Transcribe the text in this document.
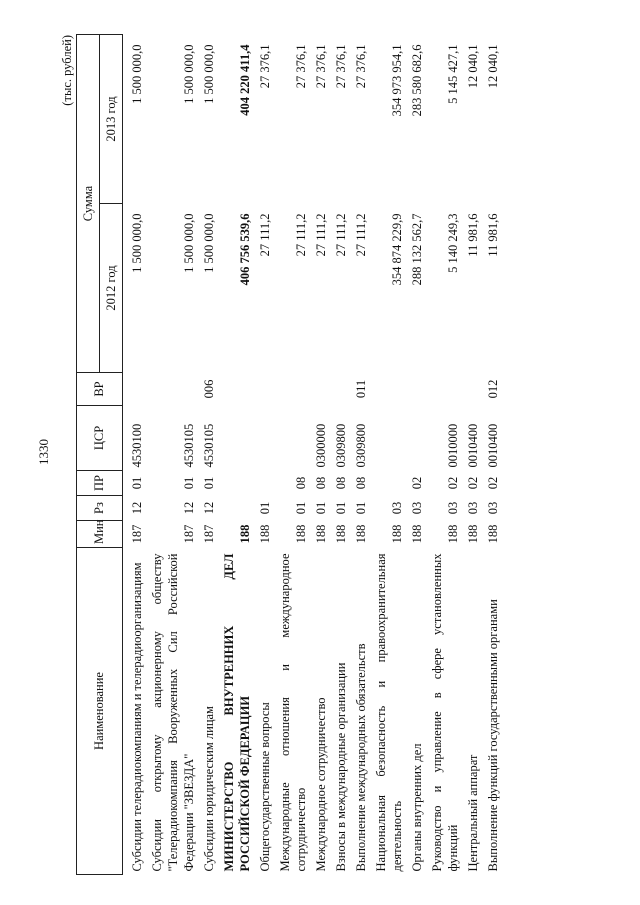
1330
(тыс. рублей)
Наименование	Мин	Рз	ПР	ЦСР	ВР	Сумма	
						2012 год	2013 год
Субсидии телерадиокомпаниям и телерадиоорганизациям	187	12	01	4530100		1 500 000,0	1 500 000,0
Субсидии открытому акционерному обществу "Телерадиокомпания Вооруженных Сил Российской Федерации "ЗВЕЗДА"	187	12	01	4530105		1 500 000,0	1 500 000,0
Субсидии юридическим лицам	187	12	01	4530105	006	1 500 000,0	1 500 000,0
МИНИСТЕРСТВО ВНУТРЕННИХ ДЕЛ РОССИЙСКОЙ ФЕДЕРАЦИИ	188					406 756 539,6	404 220 411,4
Общегосударственные вопросы	188	01				27 111,2	27 376,1
Международные отношения и международное сотрудничество	188	01	08			27 111,2	27 376,1
Международное сотрудничество	188	01	08	0300000		27 111,2	27 376,1
Взносы в международные организации	188	01	08	0309800		27 111,2	27 376,1
Выполнение международных обязательств	188	01	08	0309800	011	27 111,2	27 376,1
Национальная безопасность и правоохранительная деятельность	188	03				354 874 229,9	354 973 954,1
Органы внутренних дел	188	03	02			288 132 562,7	283 580 682,6
Руководство и управление в сфере установленных функций	188	03	02	0010000		5 140 249,3	5 145 427,1
Центральный аппарат	188	03	02	0010400		11 981,6	12 040,1
Выполнение функций государственными органами	188	03	02	0010400	012	11 981,6	12 040,1
